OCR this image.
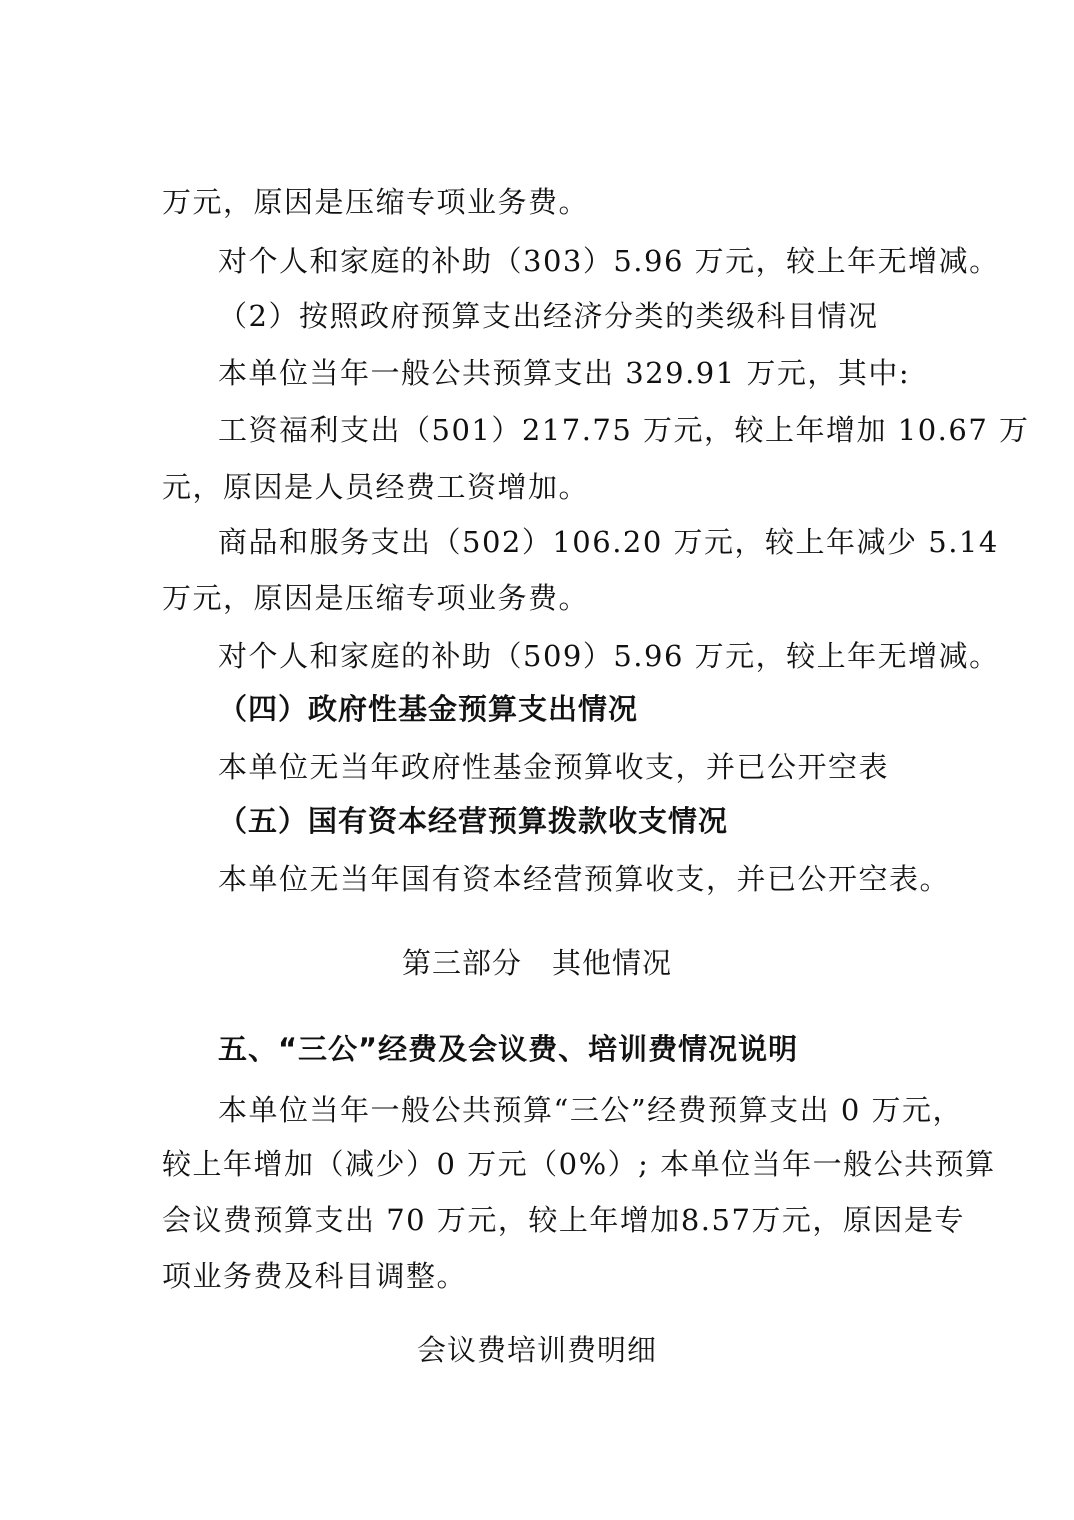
万元，原因是压缩专项业务费。
对个人和家庭的补助（303）5.96 万元，较上年无增减。
（2）按照政府预算支出经济分类的类级科目情况
本单位当年一般公共预算支出 329.91 万元，其中:
工资福利支出（501）217.75 万元，较上年增加 10.67 万
元，原因是人员经费工资增加。
商品和服务支出（502）106.20 万元，较上年减少 5.14
万元，原因是压缩专项业务费。
对个人和家庭的补助（509）5.96 万元，较上年无增减。
（四）政府性基金预算支出情况
本单位无当年政府性基金预算收支，并已公开空表
（五）国有资本经营预算拨款收支情况
本单位无当年国有资本经营预算收支，并已公开空表。
第三部分　其他情况
五、“三公”经费及会议费、培训费情况说明
本单位当年一般公共预算“三公”经费预算支出 0 万元，
较上年增加（减少）0 万元（0%）; 本单位当年一般公共预算
会议费预算支出 70 万元，较上年增加8.57万元，原因是专
项业务费及科目调整。
会议费培训费明细
